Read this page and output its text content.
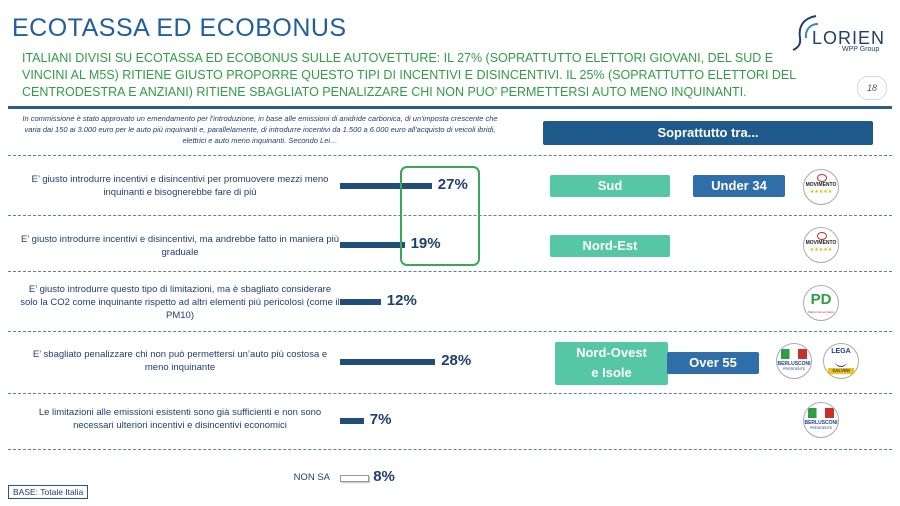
ECOTASSA ED ECOBONUS
ITALIANI DIVISI SU ECOTASSA ED ECOBONUS SULLE AUTOVETTURE: IL 27% (SOPRATTUTTO ELETTORI GIOVANI, DEL SUD E VINCINI AL M5S) RITIENE GIUSTO PROPORRE QUESTO TIPI DI INCENTIVI E DISINCENTIVI. IL 25% (SOPRATTUTTO ELETTORI DEL CENTRODESTRA E ANZIANI) RITIENE SBAGLIATO PENALIZZARE CHI NON PUO’ PERMETTERSI AUTO MENO INQUINANTI.
LORIEN
WPP Group
18
In commissione è stato approvato un emendamento per l'introduzione, in base alle emissioni di anidride carbonica, di un'imposta crescente che varia dai 150 ai 3.000 euro per le auto più inquinanti e, parallelamente, di introdurre incentivi da 1.500 a 6.000 euro all'acquisto di veicoli ibridi, elettrici e auto meno inquinanti. Secondo Lei…
Soprattutto tra...
E’ giusto introdurre incentivi e disincentivi per promuovere mezzi meno inquinanti e bisognerebbe fare di più
E’ giusto introdurre incentivi e disincentivi, ma andrebbe fatto in maniera più graduale
E’ giusto introdurre questo tipo di limitazioni, ma è sbagliato considerare solo la CO2 come inquinante rispetto ad altri elementi più pericolosi (come il PM10)
E’ sbagliato penalizzare chi non può permettersi un’auto più costosa e meno inquinante
Le limitazioni alle emissioni esistenti sono già sufficienti e non sono necessari ulteriori incentivi e disincentivi economici
NON SA
27%
19%
12%
28%
7%
8%
Sud	Under 34
Nord-Est
Nord-Ovest
e Isole
Over 55
MOVIMENTO
★★★★★
MOVIMENTO
★★★★★
PD
Partito Democratico
BERLUSCONI
PRESIDENTE
LEGA
SALVINI
BERLUSCONI
PRESIDENTE
BASE: Totale Italia
